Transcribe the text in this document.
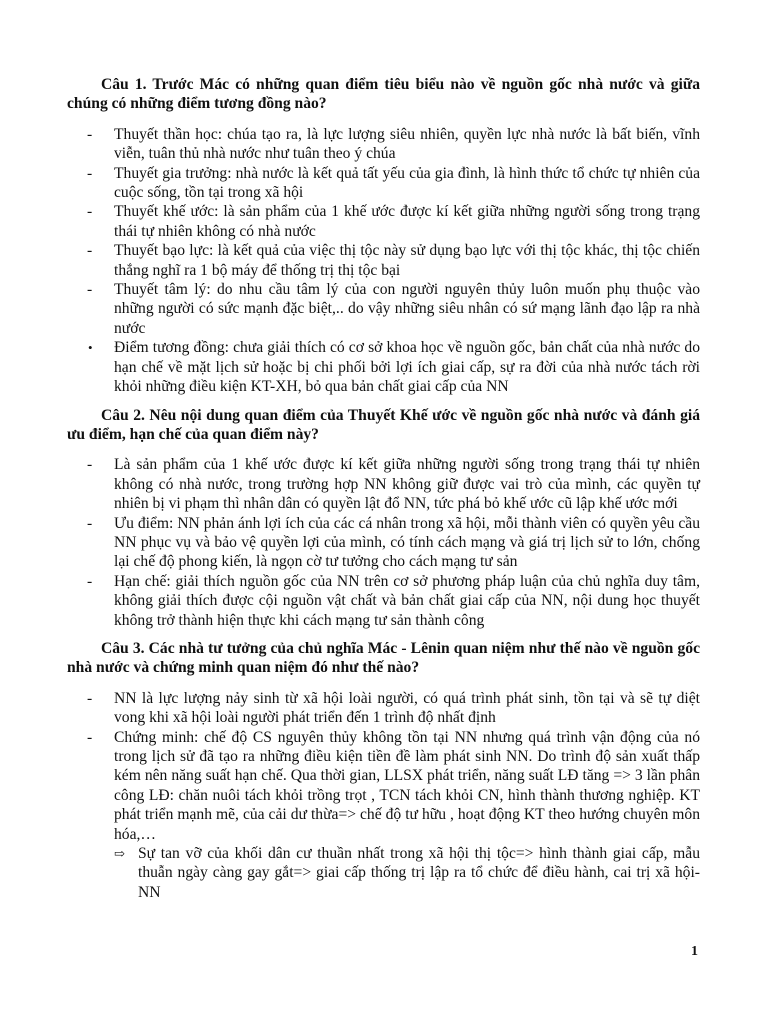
Câu 1. Trước Mác có những quan điểm tiêu biểu nào về nguồn gốc nhà nước và giữa chúng có những điểm tương đồng nào?

-	Thuyết thần học: chúa tạo ra, là lực lượng siêu nhiên, quyền lực nhà nước là bất biến, vĩnh viễn, tuân thủ nhà nước như tuân theo ý chúa
-	Thuyết gia trưởng: nhà nước là kết quả tất yếu của gia đình, là hình thức tổ chức tự nhiên của cuộc sống, tồn tại trong xã hội
-	Thuyết khế ước: là sản phẩm của 1 khế ước được kí kết giữa những người sống trong trạng thái tự nhiên không có nhà nước
-	Thuyết bạo lực: là kết quả của việc thị tộc này sử dụng bạo lực với thị tộc khác, thị tộc chiến thắng nghĩ ra 1 bộ máy để thống trị thị tộc bại
-	Thuyết tâm lý: do nhu cầu tâm lý của con người nguyên thủy luôn muốn phụ thuộc vào những người có sức mạnh đặc biệt,.. do vậy những siêu nhân có sứ mạng lãnh đạo lập ra nhà nước
•	Điểm tương đồng: chưa giải thích có cơ sở khoa học về nguồn gốc, bản chất của nhà nước do hạn chế về mặt lịch sử hoặc bị chi phối bởi lợi ích giai cấp, sự ra đời của nhà nước tách rời khỏi những điều kiện KT-XH, bỏ qua bản chất giai cấp của NN

Câu 2. Nêu nội dung quan điểm của Thuyết Khế ước về nguồn gốc nhà nước và đánh giá ưu điểm, hạn chế của quan điểm này?

-	Là sản phẩm của 1 khế ước được kí kết giữa những người sống trong trạng thái tự nhiên không có nhà nước, trong trường hợp NN không giữ được vai trò của mình, các quyền tự nhiên bị vi phạm thì nhân dân có quyền lật đổ NN, tức phá bỏ khế ước cũ lập khế ước mới
-	Ưu điểm: NN phản ánh lợi ích của các cá nhân trong xã hội, mỗi thành viên có quyền yêu cầu NN phục vụ và bảo vệ quyền lợi của mình, có tính cách mạng và giá trị lịch sử to lớn, chống lại chế độ phong kiến, là ngọn cờ tư tưởng cho cách mạng tư sản
-	Hạn chế: giải thích nguồn gốc của NN trên cơ sở phương pháp luận của chủ nghĩa duy tâm, không giải thích được cội nguồn vật chất và bản chất giai cấp của NN, nội dung học thuyết không trở thành hiện thực khi cách mạng tư sản thành công

Câu 3. Các nhà tư tưởng của chủ nghĩa Mác - Lênin quan niệm như thế nào về nguồn gốc nhà nước và chứng minh quan niệm đó như thế nào?

-	NN là lực lượng nảy sinh từ xã hội loài người, có quá trình phát sinh, tồn tại và sẽ tự diệt vong khi xã hội loài người phát triển đến 1 trình độ nhất định
-	Chứng minh: chế độ CS nguyên thủy không tồn tại NN nhưng quá trình vận động của nó trong lịch sử đã tạo ra những điều kiện tiền đề làm phát sinh NN. Do trình độ sản xuất thấp kém nên năng suất hạn chế. Qua thời gian, LLSX phát triển, năng suất LĐ tăng => 3 lần phân công LĐ: chăn nuôi tách khỏi trồng trọt , TCN tách khỏi CN, hình thành thương nghiệp. KT phát triển mạnh mẽ, của cải dư thừa=> chế độ tư hữu , hoạt động KT theo hướng chuyên môn hóa,…
⇨ Sự tan vỡ của khối dân cư thuần nhất trong xã hội thị tộc=> hình thành giai cấp, mẫu thuẫn ngày càng gay gắt=> giai cấp thống trị lập ra tổ chức để điều hành, cai trị xã hội- NN
1
